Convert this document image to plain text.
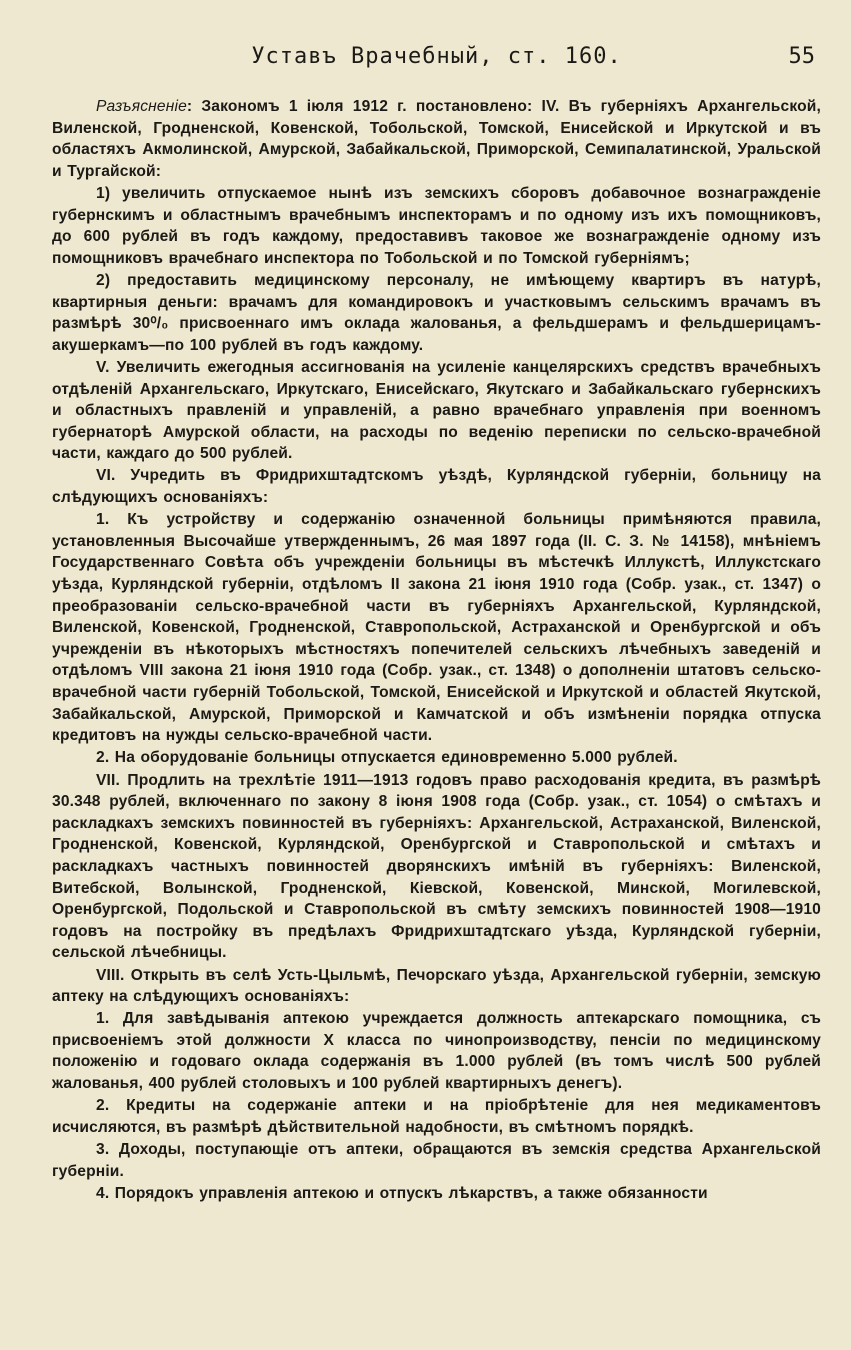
Уставъ Врачебный, ст. 160.	55

Разъясненіе: Закономъ 1 іюля 1912 г. постановлено: IV. Въ губерніяхъ Архангельской, Виленской, Гродненской, Ковенской, Тобольской, Томской, Енисейской и Иркутской и въ областяхъ Акмолинской, Амурской, Забайкальской, Приморской, Семипалатинской, Уральской и Тургайской:

1) увеличить отпускаемое нынѣ изъ земскихъ сборовъ добавочное вознагражденіе губернскимъ и областнымъ врачебнымъ инспекторамъ и по одному изъ ихъ помощниковъ, до 600 рублей въ годъ каждому, предоставивъ таковое же вознагражденіе одному изъ помощниковъ врачебнаго инспектора по Тобольской и по Томской губерніямъ;

2) предоставить медицинскому персоналу, не имѣющему квартиръ въ натурѣ, квартирныя деньги: врачамъ для командировокъ и участковымъ сельскимъ врачамъ въ размѣрѣ 30⁰/₀ присвоеннаго имъ оклада жалованья, а фельдшерамъ и фельдшерицамъ-акушеркамъ—по 100 рублей въ годъ каждому.

V. Увеличить ежегодныя ассигнованія на усиленіе канцелярскихъ средствъ врачебныхъ отдѣленій Архангельскаго, Иркутскаго, Енисейскаго, Якутскаго и Забайкальскаго губернскихъ и областныхъ правленій и управленій, а равно врачебнаго управленія при военномъ губернаторѣ Амурской области, на расходы по веденію переписки по сельско-врачебной части, каждаго до 500 рублей.

VI. Учредить въ Фридрихштадтскомъ уѣздѣ, Курляндской губерніи, больницу на слѣдующихъ основаніяхъ:

1. Къ устройству и содержанію означенной больницы примѣняются правила, установленныя Высочайше утвержденнымъ, 26 мая 1897 года (II. С. З. № 14158), мнѣніемъ Государственнаго Совѣта объ учрежденіи больницы въ мѣстечкѣ Иллукстѣ, Иллукстскаго уѣзда, Курляндской губерніи, отдѣломъ II закона 21 іюня 1910 года (Собр. узак., ст. 1347) о преобразованіи сельско-врачебной части въ губерніяхъ Архангельской, Курляндской, Виленской, Ковенской, Гродненской, Ставропольской, Астраханской и Оренбургской и объ учрежденіи въ нѣкоторыхъ мѣстностяхъ попечителей сельскихъ лѣчебныхъ заведеній и отдѣломъ VIII закона 21 іюня 1910 года (Собр. узак., ст. 1348) о дополненіи штатовъ сельско-врачебной части губерній Тобольской, Томской, Енисейской и Иркутской и областей Якутской, Забайкальской, Амурской, Приморской и Камчатской и объ измѣненіи порядка отпуска кредитовъ на нужды сельско-врачебной части.

2. На оборудованіе больницы отпускается единовременно 5.000 рублей.

VII. Продлить на трехлѣтіе 1911—1913 годовъ право расходованія кредита, въ размѣрѣ 30.348 рублей, включеннаго по закону 8 іюня 1908 года (Собр. узак., ст. 1054) о смѣтахъ и раскладкахъ земскихъ повинностей въ губерніяхъ: Архангельской, Астраханской, Виленской, Гродненской, Ковенской, Курляндской, Оренбургской и Ставропольской и смѣтахъ и раскладкахъ частныхъ повинностей дворянскихъ имѣній въ губерніяхъ: Виленской, Витебской, Волынской, Гродненской, Кіевской, Ковенской, Минской, Могилевской, Оренбургской, Подольской и Ставропольской въ смѣту земскихъ повинностей 1908—1910 годовъ на постройку въ предѣлахъ Фридрихштадтскаго уѣзда, Курляндской губерніи, сельской лѣчебницы.

VIII. Открыть въ селѣ Усть-Цыльмѣ, Печорскаго уѣзда, Архангельской губерніи, земскую аптеку на слѣдующихъ основаніяхъ:

1. Для завѣдыванія аптекою учреждается должность аптекарскаго помощника, съ присвоеніемъ этой должности X класса по чинопроизводству, пенсіи по медицинскому положенію и годоваго оклада содержанія въ 1.000 рублей (въ томъ числѣ 500 рублей жалованья, 400 рублей столовыхъ и 100 рублей квартирныхъ денегъ).

2. Кредиты на содержаніе аптеки и на пріобрѣтеніе для нея медикаментовъ исчисляются, въ размѣрѣ дѣйствительной надобности, въ смѣтномъ порядкѣ.

3. Доходы, поступающіе отъ аптеки, обращаются въ земскія средства Архангельской губерніи.

4. Порядокъ управленія аптекою и отпускъ лѣкарствъ, а также обязанности
